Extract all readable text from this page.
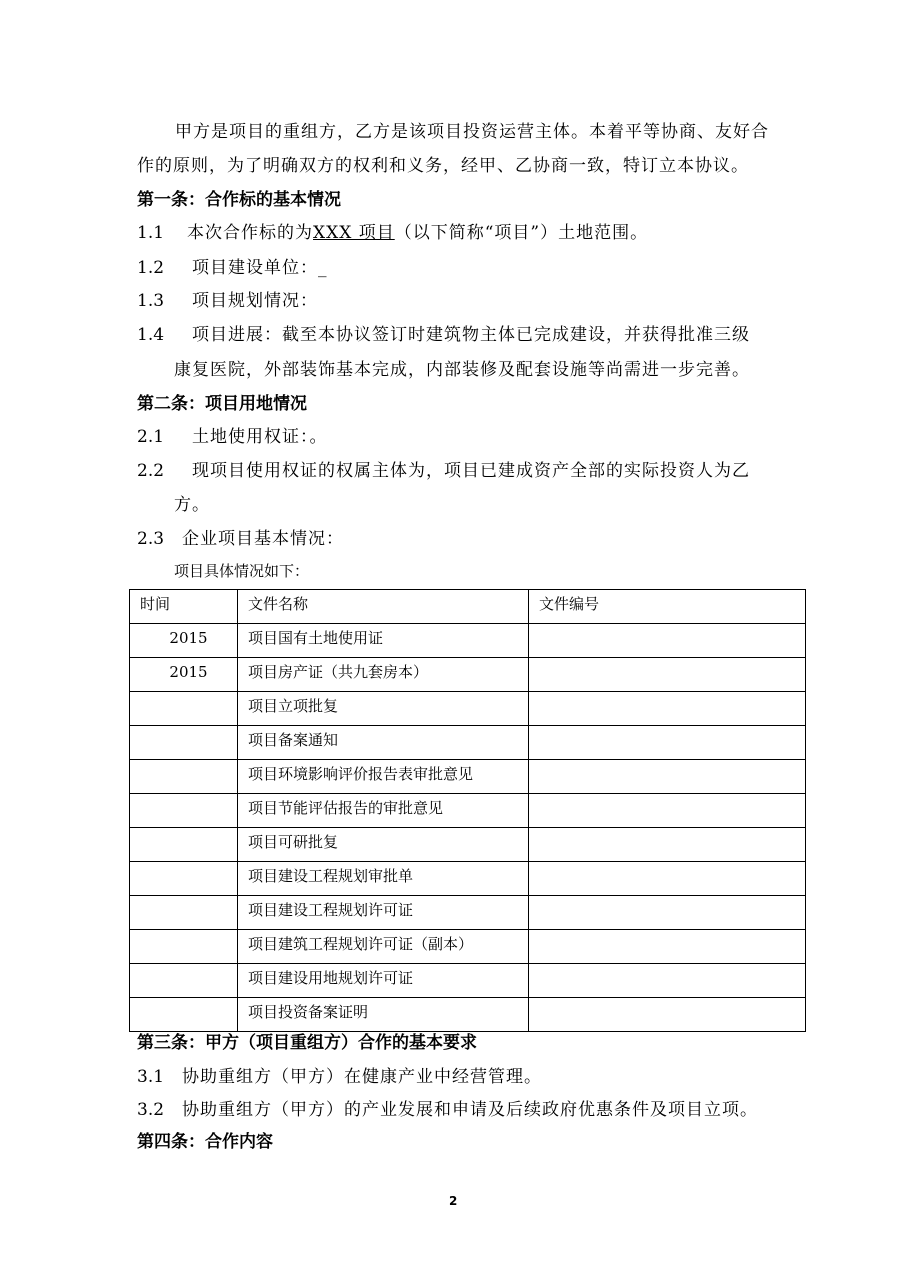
甲方是项目的重组方，乙方是该项目投资运营主体。本着平等协商、友好合
作的原则，为了明确双方的权利和义务，经甲、乙协商一致，特订立本协议。
第一条：合作标的基本情况
1.1 本次合作标的为XXX 项目（以下简称“项目”）土地范围。
1.2 项目建设单位：_
1.3 项目规划情况：
1.4 项目进展：截至本协议签订时建筑物主体已完成建设，并获得批准三级
康复医院，外部装饰基本完成，内部装修及配套设施等尚需进一步完善。
第二条：项目用地情况
2.1 土地使用权证：。
2.2 现项目使用权证的权属主体为，项目已建成资产全部的实际投资人为乙
方。
2.3 企业项目基本情况：
项目具体情况如下：
时间	文件名称	文件编号
2015	项目国有土地使用证	
2015	项目房产证（共九套房本）	
	项目立项批复	
	项目备案通知	
	项目环境影响评价报告表审批意见	
	项目节能评估报告的审批意见	
	项目可研批复	
	项目建设工程规划审批单	
	项目建设工程规划许可证	
	项目建筑工程规划许可证（副本）	
	项目建设用地规划许可证	
	项目投资备案证明	
第三条：甲方（项目重组方）合作的基本要求
3.1 协助重组方（甲方）在健康产业中经营管理。
3.2 协助重组方（甲方）的产业发展和申请及后续政府优惠条件及项目立项。
第四条：合作内容
2
